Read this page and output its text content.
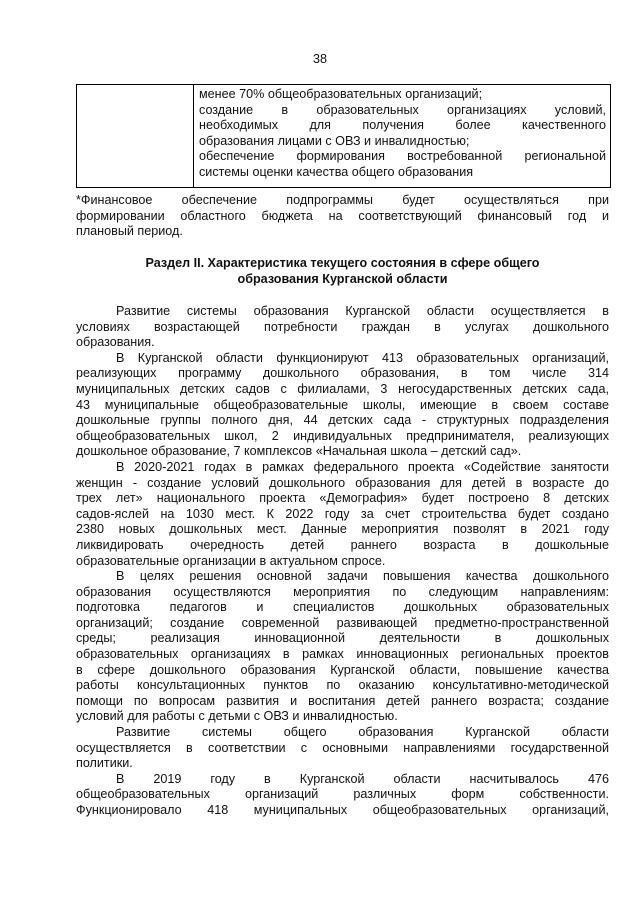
38
менее 70% общеобразовательных организаций;
создание в образовательных организациях условий,
необходимых для получения более качественного
образования лицами с ОВЗ и инвалидностью;
обеспечение формирования востребованной региональной
системы оценки качества общего образования
*Финансовое обеспечение подпрограммы будет осуществляться при
формировании областного бюджета на соответствующий финансовый год и
плановый период.
Раздел II. Характеристика текущего состояния в сфере общего
образования Курганской области
Развитие системы образования Курганской области осуществляется в
условиях возрастающей потребности граждан в услугах дошкольного
образования.
В Курганской области функционируют 413 образовательных организаций,
реализующих программу дошкольного образования, в том числе 314
муниципальных детских садов с филиалами, 3 негосударственных детских сада,
43 муниципальные общеобразовательные школы, имеющие в своем составе
дошкольные группы полного дня, 44 детских сада - структурных подразделения
общеобразовательных школ, 2 индивидуальных предпринимателя, реализующих
дошкольное образование, 7 комплексов «Начальная школа – детский сад».
В 2020-2021 годах в рамках федерального проекта «Содействие занятости
женщин - создание условий дошкольного образования для детей в возрасте до
трех лет» национального проекта «Демография» будет построено 8 детских
садов-яслей на 1030 мест. К 2022 году за счет строительства будет создано
2380 новых дошкольных мест. Данные мероприятия позволят в 2021 году
ликвидировать очередность детей раннего возраста в дошкольные
образовательные организации в актуальном спросе.
В целях решения основной задачи повышения качества дошкольного
образования осуществляются мероприятия по следующим направлениям:
подготовка педагогов и специалистов дошкольных образовательных
организаций; создание современной развивающей предметно-пространственной
среды; реализация инновационной деятельности в дошкольных
образовательных организациях в рамках инновационных региональных проектов
в сфере дошкольного образования Курганской области, повышение качества
работы консультационных пунктов по оказанию консультативно-методической
помощи по вопросам развития и воспитания детей раннего возраста; создание
условий для работы с детьми с ОВЗ и инвалидностью.
Развитие системы общего образования Курганской области
осуществляется в соответствии с основными направлениями государственной
политики.
В 2019 году в Курганской области насчитывалось 476
общеобразовательных организаций различных форм собственности.
Функционировало 418 муниципальных общеобразовательных организаций,
